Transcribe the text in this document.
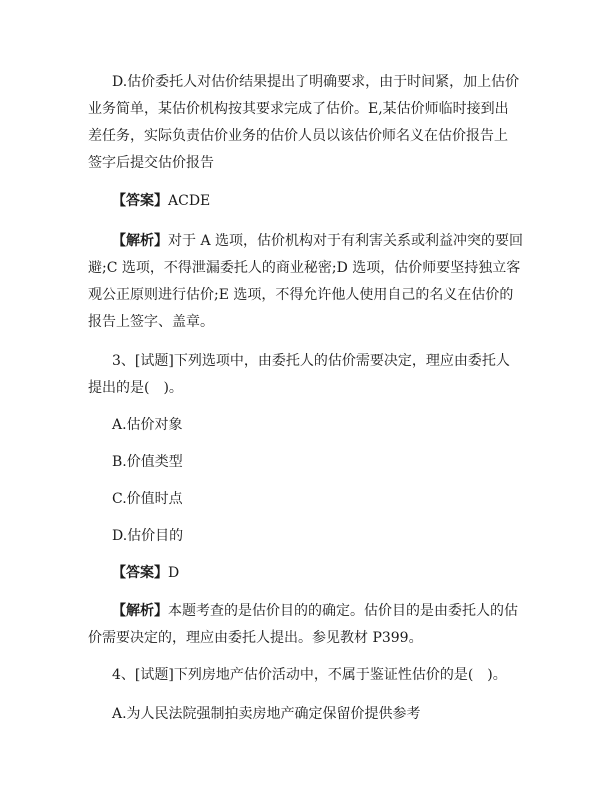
D.估价委托人对估价结果提出了明确要求，由于时间紧，加上估价
业务简单，某估价机构按其要求完成了估价。E,某估价师临时接到出
差任务，实际负责估价业务的估价人员以该估价师名义在估价报告上
签字后提交估价报告
【答案】ACDE
【解析】对于 A 选项，估价机构对于有利害关系或利益冲突的要回
避;C 选项，不得泄漏委托人的商业秘密;D 选项，估价师要坚持独立客
观公正原则进行估价;E 选项，不得允许他人使用自己的名义在估价的
报告上签字、盖章。
3、[试题]下列选项中，由委托人的估价需要决定，理应由委托人
提出的是(　)。
A.估价对象
B.价值类型
C.价值时点
D.估价目的
【答案】D
【解析】本题考查的是估价目的的确定。估价目的是由委托人的估
价需要决定的，理应由委托人提出。参见教材 P399。
4、[试题]下列房地产估价活动中，不属于鉴证性估价的是(　)。
A.为人民法院强制拍卖房地产确定保留价提供参考
